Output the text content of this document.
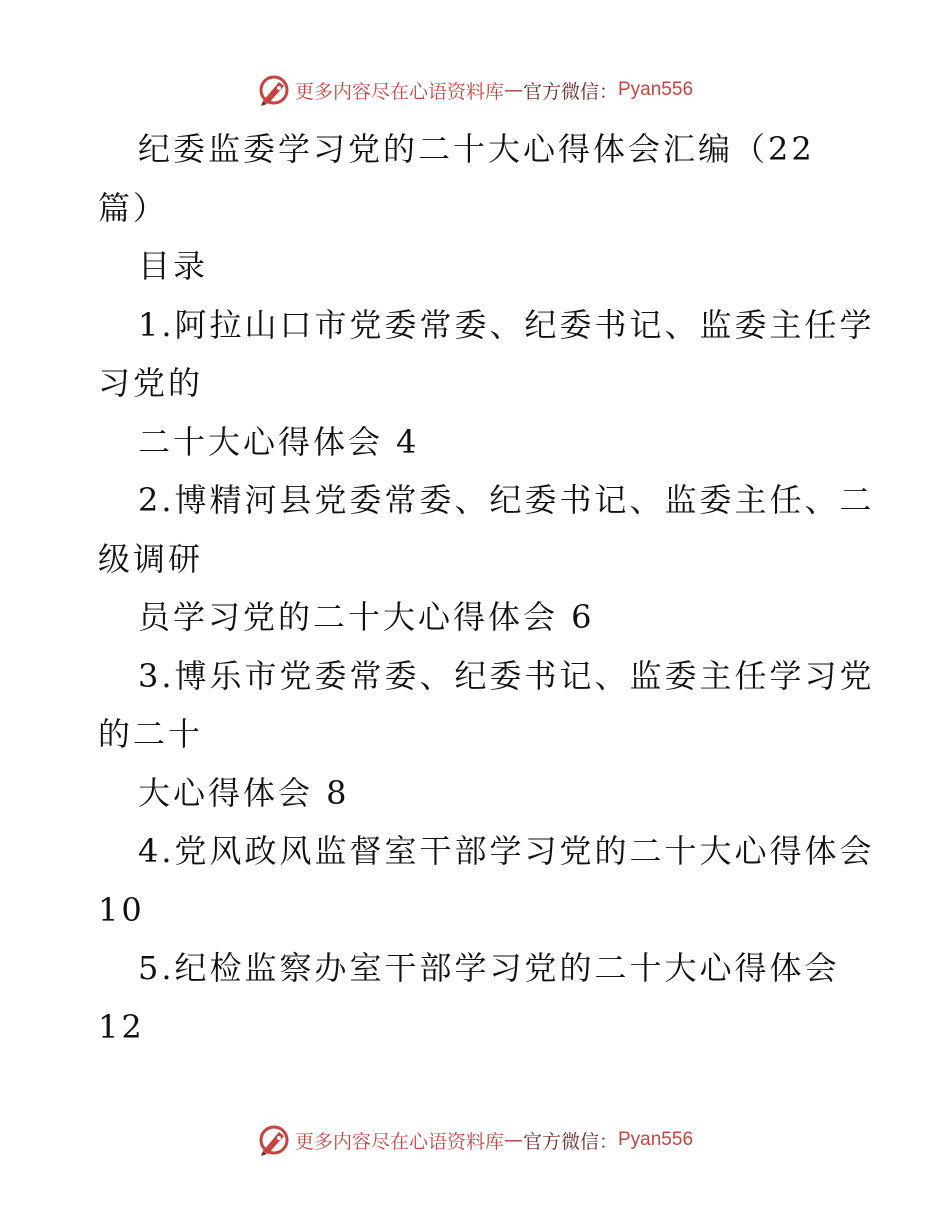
更多内容尽在心语资料库 — 官方微信： Pyan556
纪委监委学习党的二十大心得体会汇编（22
篇）
目录
1.阿拉山口市党委常委、纪委书记、监委主任学
习党的
二十大心得体会 4
2.博精河县党委常委、纪委书记、监委主任、二
级调研
员学习党的二十大心得体会 6
3.博乐市党委常委、纪委书记、监委主任学习党
的二十
大心得体会 8
4.党风政风监督室干部学习党的二十大心得体会
10
5.纪检监察办室干部学习党的二十大心得体会
12
更多内容尽在心语资料库 — 官方微信： Pyan556
